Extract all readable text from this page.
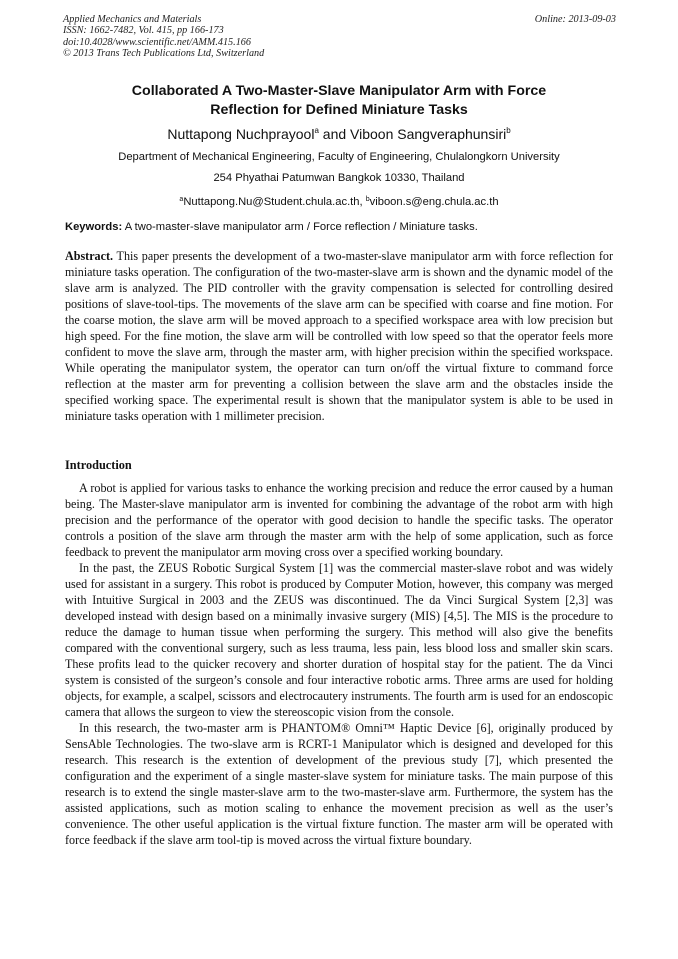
Applied Mechanics and Materials
ISSN: 1662-7482, Vol. 415, pp 166-173
doi:10.4028/www.scientific.net/AMM.415.166
© 2013 Trans Tech Publications Ltd, Switzerland
Online: 2013-09-03
Collaborated A Two-Master-Slave Manipulator Arm with Force
Reflection for Defined Miniature Tasks
Nuttapong Nuchprayool$^a$ and Viboon Sangveraphunsiri$^b$
Department of Mechanical Engineering, Faculty of Engineering, Chulalongkorn University
254 Phyathai Patumwan Bangkok 10330, Thailand
$^a$Nuttapong.Nu@Student.chula.ac.th, $^b$viboon.s@eng.chula.ac.th
Keywords: A two-master-slave manipulator arm / Force reflection / Miniature tasks.

Abstract. This paper presents the development of a two-master-slave manipulator arm with force reflection for miniature tasks operation. The configuration of the two-master-slave arm is shown and the dynamic model of the slave arm is analyzed. The PID controller with the gravity compensation is selected for controlling desired positions of slave-tool-tips. The movements of the slave arm can be specified with coarse and fine motion. For the coarse motion, the slave arm will be moved approach to a specified workspace area with low precision but high speed. For the fine motion, the slave arm will be controlled with low speed so that the operator feels more confident to move the slave arm, through the master arm, with higher precision within the specified workspace. While operating the manipulator system, the operator can turn on/off the virtual fixture to command force reflection at the master arm for preventing a collision between the slave arm and the obstacles inside the specified working space. The experimental result is shown that the manipulator system is able to be used in miniature tasks operation with 1 millimeter precision.

Introduction

A robot is applied for various tasks to enhance the working precision and reduce the error caused by a human being. The Master-slave manipulator arm is invented for combining the advantage of the robot arm with high precision and the performance of the operator with good decision to handle the specific tasks. The operator controls a position of the slave arm through the master arm with the help of some application, such as force feedback to prevent the manipulator arm moving cross over a specified working boundary.

In the past, the ZEUS Robotic Surgical System [1] was the commercial master-slave robot and was widely used for assistant in a surgery. This robot is produced by Computer Motion, however, this company was merged with Intuitive Surgical in 2003 and the ZEUS was discontinued. The da Vinci Surgical System [2,3] was developed instead with design based on a minimally invasive surgery (MIS) [4,5]. The MIS is the procedure to reduce the damage to human tissue when performing the surgery. This method will also give the benefits compared with the conventional surgery, such as less trauma, less pain, less blood loss and smaller skin scars. These profits lead to the quicker recovery and shorter duration of hospital stay for the patient. The da Vinci system is consisted of the surgeon’s console and four interactive robotic arms. Three arms are used for holding objects, for example, a scalpel, scissors and electrocautery instruments. The fourth arm is used for an endoscopic camera that allows the surgeon to view the stereoscopic vision from the console.

In this research, the two-master arm is PHANTOM® Omni™ Haptic Device [6], originally produced by SensAble Technologies. The two-slave arm is RCRT-1 Manipulator which is designed and developed for this research. This research is the extention of development of the previous study [7], which presented the configuration and the experiment of a single master-slave system for miniature tasks. The main purpose of this research is to extend the single master-slave arm to the two-master-slave arm. Furthermore, the system has the assisted applications, such as motion scaling to enhance the movement precision as well as the user’s convenience. The other useful application is the virtual fixture function. The master arm will be operated with force feedback if the slave arm tool-tip is moved across the virtual fixture boundary.
